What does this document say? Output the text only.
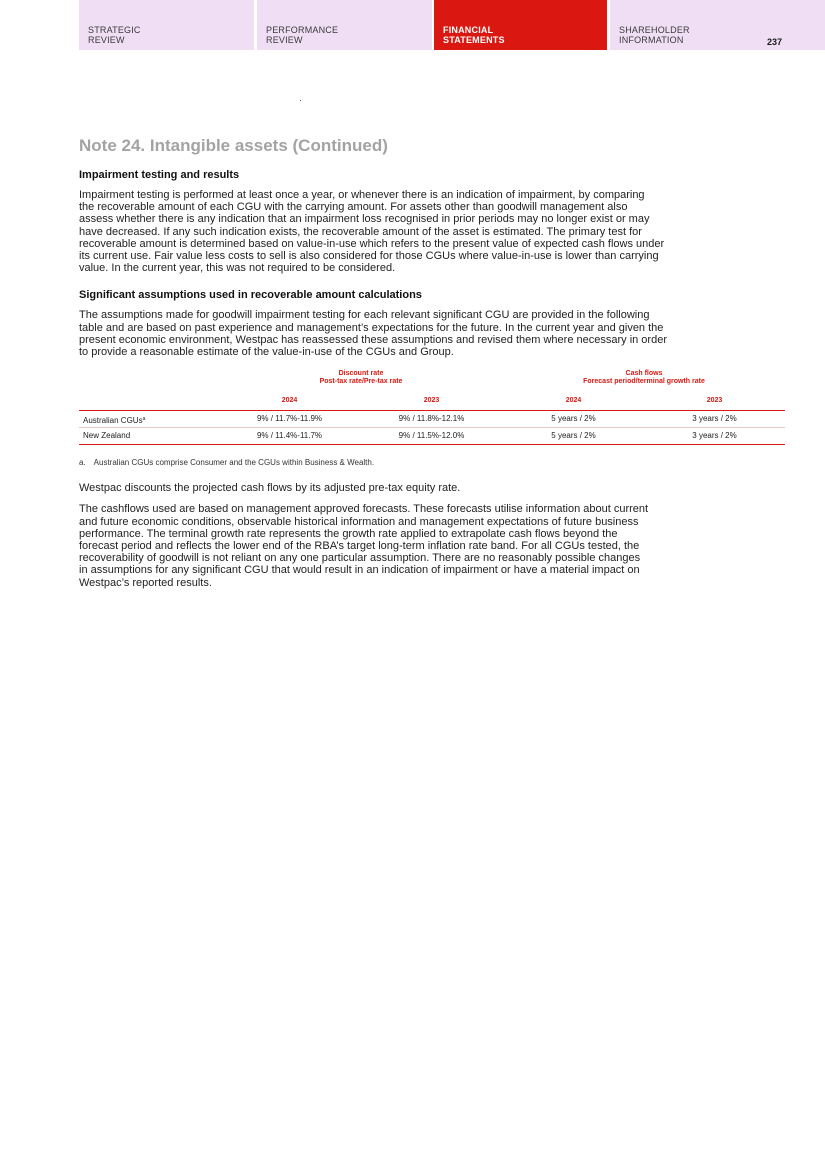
STRATEGIC
REVIEW
PERFORMANCE
REVIEW
FINANCIAL
STATEMENTS
SHAREHOLDER
INFORMATION	237
Note 24. Intangible assets (Continued)
Impairment testing and results

Impairment testing is performed at least once a year, or whenever there is an indication of impairment, by comparing
the recoverable amount of each CGU with the carrying amount. For assets other than goodwill management also
assess whether there is any indication that an impairment loss recognised in prior periods may no longer exist or may
have decreased. If any such indication exists, the recoverable amount of the asset is estimated. The primary test for
recoverable amount is determined based on value-in-use which refers to the present value of expected cash flows under
its current use. Fair value less costs to sell is also considered for those CGUs where value-in-use is lower than carrying
value. In the current year, this was not required to be considered.

Significant assumptions used in recoverable amount calculations

The assumptions made for goodwill impairment testing for each relevant significant CGU are provided in the following
table and are based on past experience and management’s expectations for the future. In the current year and given the
present economic environment, Westpac has reassessed these assumptions and revised them where necessary in order
to provide a reasonable estimate of the value-in-use of the CGUs and Group.

Discount rate
Post-tax rate/Pre-tax rate
Cash flows
Forecast period/terminal growth rate
2024	2023	2024	2023
Australian CGUs$^a$	9% / 11.7%-11.9%	9% / 11.8%-12.1%	5 years / 2%	3 years / 2%
New Zealand	9% / 11.4%-11.7%	9% / 11.5%-12.0%	5 years / 2%	3 years / 2%
a. Australian CGUs comprise Consumer and the CGUs within Business & Wealth.

Westpac discounts the projected cash flows by its adjusted pre-tax equity rate.

The cashflows used are based on management approved forecasts. These forecasts utilise information about current
and future economic conditions, observable historical information and management expectations of future business
performance. The terminal growth rate represents the growth rate applied to extrapolate cash flows beyond the
forecast period and reflects the lower end of the RBA’s target long-term inflation rate band. For all CGUs tested, the
recoverability of goodwill is not reliant on any one particular assumption. There are no reasonably possible changes
in assumptions for any significant CGU that would result in an indication of impairment or have a material impact on
Westpac’s reported results.
